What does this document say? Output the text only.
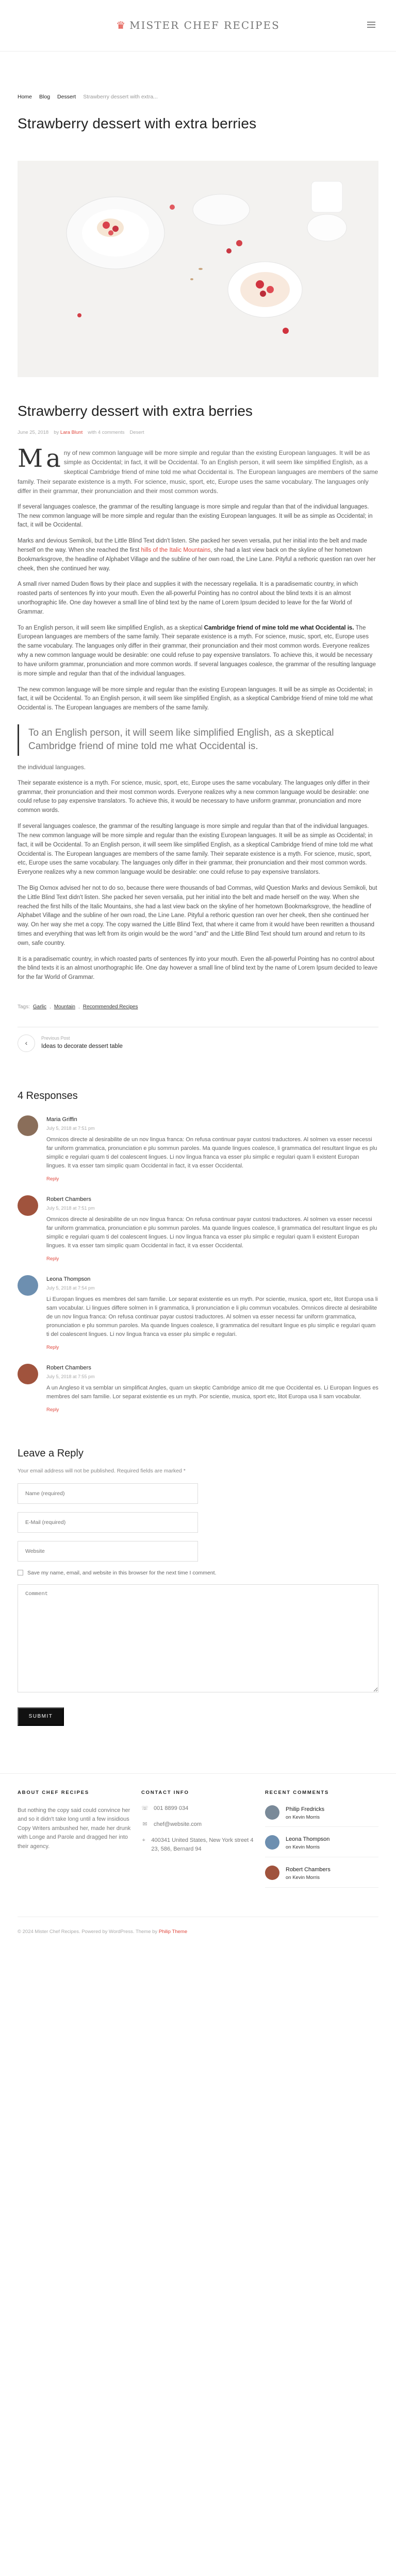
♛ MISTER CHEF RECIPES
Home Blog Dessert Strawberry dessert with extra...
Strawberry dessert with extra berries
Strawberry dessert with extra berries
June 25, 2018 by Lara Blunt with 4 comments Desert

Many of new common language will be more simple and regular than the existing European languages. It will be as simple as Occidental; in fact, it will be Occidental. To an English person, it will seem like simplified English, as a skeptical Cambridge friend of mine told me what Occidental is. The European languages are members of the same family. Their separate existence is a myth. For science, music, sport, etc, Europe uses the same vocabulary. The languages only differ in their grammar, their pronunciation and their most common words.

If several languages coalesce, the grammar of the resulting language is more simple and regular than that of the individual languages. The new common language will be more simple and regular than the existing European languages. It will be as simple as Occidental; in fact, it will be Occidental.

Marks and devious Semikoli, but the Little Blind Text didn't listen. She packed her seven versalia, put her initial into the belt and made herself on the way. When she reached the first hills of the Italic Mountains, she had a last view back on the skyline of her hometown Bookmarksgrove, the headline of Alphabet Village and the subline of her own road, the Line Lane. Pityful a rethoric question ran over her cheek, then she continued her way.

A small river named Duden flows by their place and supplies it with the necessary regelialia. It is a paradisematic country, in which roasted parts of sentences fly into your mouth. Even the all-powerful Pointing has no control about the blind texts it is an almost unorthographic life. One day however a small line of blind text by the name of Lorem Ipsum decided to leave for the far World of Grammar.

To an English person, it will seem like simplified English, as a skeptical Cambridge friend of mine told me what Occidental is. The European languages are members of the same family. Their separate existence is a myth. For science, music, sport, etc, Europe uses the same vocabulary. The languages only differ in their grammar, their pronunciation and their most common words. Everyone realizes why a new common language would be desirable: one could refuse to pay expensive translators. To achieve this, it would be necessary to have uniform grammar, pronunciation and more common words. If several languages coalesce, the grammar of the resulting language is more simple and regular than that of the individual languages.

The new common language will be more simple and regular than the existing European languages. It will be as simple as Occidental; in fact, it will be Occidental. To an English person, it will seem like simplified English, as a skeptical Cambridge friend of mine told me what Occidental is. The European languages are members of the same family.

To an English person, it will seem like simplified English, as a skeptical Cambridge friend of mine told me what Occidental is.

the individual languages.

Their separate existence is a myth. For science, music, sport, etc, Europe uses the same vocabulary. The languages only differ in their grammar, their pronunciation and their most common words. Everyone realizes why a new common language would be desirable: one could refuse to pay expensive translators. To achieve this, it would be necessary to have uniform grammar, pronunciation and more common words.

If several languages coalesce, the grammar of the resulting language is more simple and regular than that of the individual languages. The new common language will be more simple and regular than the existing European languages. It will be as simple as Occidental; in fact, it will be Occidental. To an English person, it will seem like simplified English, as a skeptical Cambridge friend of mine told me what Occidental is. The European languages are members of the same family. Their separate existence is a myth. For science, music, sport, etc, Europe uses the same vocabulary. The languages only differ in their grammar, their pronunciation and their most common words. Everyone realizes why a new common language would be desirable: one could refuse to pay expensive translators.

The Big Oxmox advised her not to do so, because there were thousands of bad Commas, wild Question Marks and devious Semikoli, but the Little Blind Text didn't listen. She packed her seven versalia, put her initial into the belt and made herself on the way. When she reached the first hills of the Italic Mountains, she had a last view back on the skyline of her hometown Bookmarksgrove, the headline of Alphabet Village and the subline of her own road, the Line Lane. Pityful a rethoric question ran over her cheek, then she continued her way. On her way she met a copy. The copy warned the Little Blind Text, that where it came from it would have been rewritten a thousand times and everything that was left from its origin would be the word "and" and the Little Blind Text should turn around and return to its own, safe country.

It is a paradisematic country, in which roasted parts of sentences fly into your mouth. Even the all-powerful Pointing has no control about the blind texts it is an almost unorthographic life. One day however a small line of blind text by the name of Lorem Ipsum decided to leave for the far World of Grammar.

Tags: Garlic , Mountain , Recommended Recipes
‹
Previous Post
Ideas to decorate dessert table
4 Responses
Maria Griffin
July 5, 2018 at 7:51 pm
Omnicos directe al desirabilite de un nov lingua franca: On refusa continuar payar custosi traductores. Al solmen va esser necessi far uniform grammatica, pronunciation e plu sommun paroles. Ma quande lingues coalesce, li grammatica del resultant lingue es plu simplic e regulari quam ti del coalescent lingues. Li nov lingua franca va esser plu simplic e regulari quam li existent Europan lingues. It va esser tam simplic quam Occidental in fact, it va esser Occidental.
Reply
Robert Chambers
July 5, 2018 at 7:51 pm
Omnicos directe al desirabilite de un nov lingua franca: On refusa continuar payar custosi traductores. Al solmen va esser necessi far uniform grammatica, pronunciation e plu sommun paroles. Ma quande lingues coalesce, li grammatica del resultant lingue es plu simplic e regulari quam ti del coalescent lingues. Li nov lingua franca va esser plu simplic e regulari quam li existent Europan lingues. It va esser tam simplic quam Occidental in fact, it va esser Occidental.
Reply
Leona Thompson
July 5, 2018 at 7:54 pm
Li Europan lingues es membres del sam familie. Lor separat existentie es un myth. Por scientie, musica, sport etc, litot Europa usa li sam vocabular. Li lingues differe solmen in li grammatica, li pronunciation e li plu commun vocabules. Omnicos directe al desirabilite de un nov lingua franca: On refusa continuar payar custosi traductores. Al solmen va esser necessi far uniform grammatica, pronunciation e plu sommun paroles. Ma quande lingues coalesce, li grammatica del resultant lingue es plu simplic e regulari quam ti del coalescent lingues. Li nov lingua franca va esser plu simplic e regulari.
Reply
Robert Chambers
July 5, 2018 at 7:55 pm
A un Angleso it va semblar un simplificat Angles, quam un skeptic Cambridge amico dit me que Occidental es. Li Europan lingues es membres del sam familie. Lor separat existentie es un myth. Por scientie, musica, sport etc, litot Europa usa li sam vocabular.
Reply
Leave a Reply

Your email address will not be published. Required fields are marked *

Name (required)
E-Mail (required)
Website
Save my name, email, and website in this browser for the next time I comment.
Comment
SUBMIT
ABOUT CHEF RECIPES

But nothing the copy said could convince her and so it didn't take long until a few insidious Copy Writers ambushed her, made her drunk with Longe and Parole and dragged her into their agency.

CONTACT INFO
☏ 001 8899 034
✉ chef@website.com
⌖ 400341 United States, New York street 4 23, 586, Bernard 94
RECENT COMMENTS
Philip Fredricks
on Kevin Morris
Leona Thompson
on Kevin Morris
Robert Chambers
on Kevin Morris
© 2024 Mister Chef Recipes. Powered by WordPress. Theme by Philip Theme
